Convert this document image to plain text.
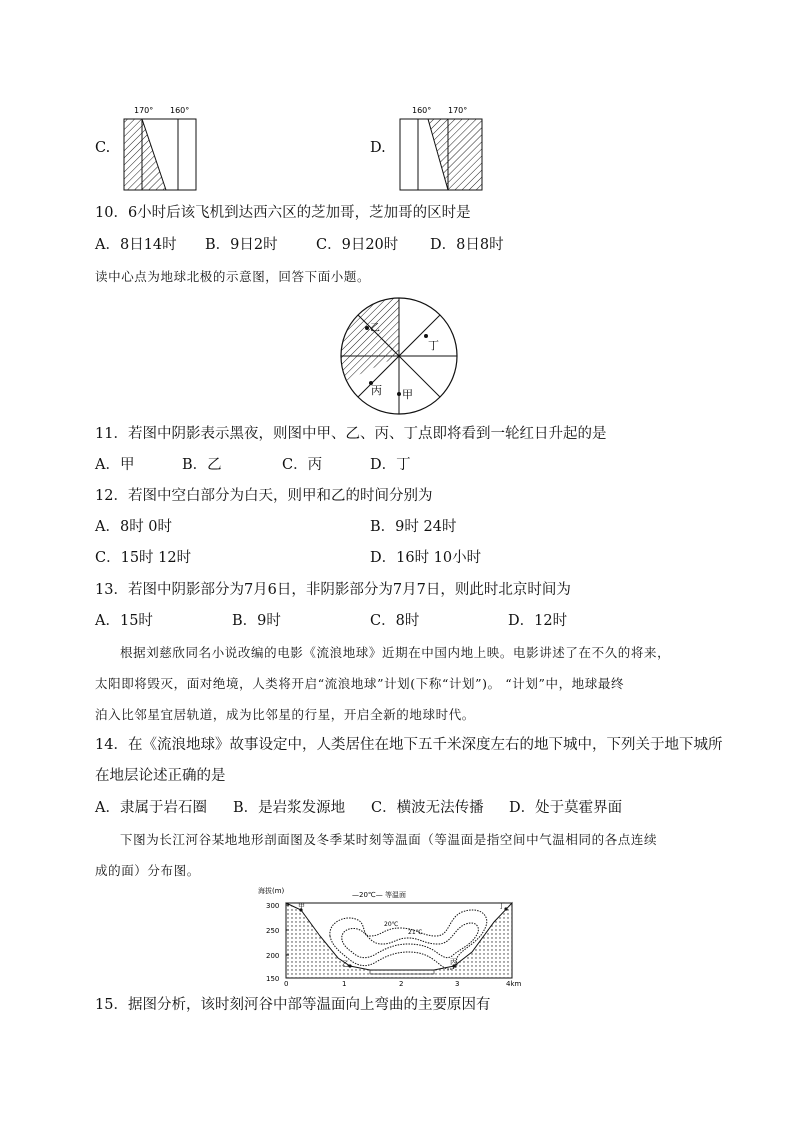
C.
170° 160°
D.
160° 170°
10．6小时后该飞机到达西六区的芝加哥，芝加哥的区时是
A．8日14时 B．9日2时	C．9日20时 D．8日8时
读中心点为地球北极的示意图，回答下面小题。
乙
丁
丙 甲
11．若图中阴影表示黑夜，则图中甲、乙、丙、丁点即将看到一轮红日升起的是
A．甲	B．乙	C．丙	D．丁
12．若图中空白部分为白天，则甲和乙的时间分别为
A．8时 0时	B．9时 24时
C．15时 12时	D．16时 10小时
13．若图中阴影部分为7月6日，非阴影部分为7月7日，则此时北京时间为
A．15时	B．9时	C．8时	D．12时
根据刘慈欣同名小说改编的电影《流浪地球》近期在中国内地上映。电影讲述了在不久的将来，
太阳即将毁灭，面对绝境，人类将开启“流浪地球”计划(下称“计划”)。 “计划”中，地球最终
泊入比邻星宜居轨道，成为比邻星的行星，开启全新的地球时代。
14．在《流浪地球》故事设定中，人类居住在地下五千米深度左右的地下城中，下列关于地下城所
在地层论述正确的是
A．隶属于岩石圈 B．是岩浆发源地 C．横波无法传播 D．处于莫霍界面
下图为长江河谷某地地形剖面图及冬季某时刻等温面（等温面是指空间中气温相同的各点连续
成的面）分布图。
海拔(m)	—20℃— 等温面
300
250
200
150
0	1	2	3	4km
20℃
21℃
甲
乙	丙
丁
15．据图分析，该时刻河谷中部等温面向上弯曲的主要原因有
